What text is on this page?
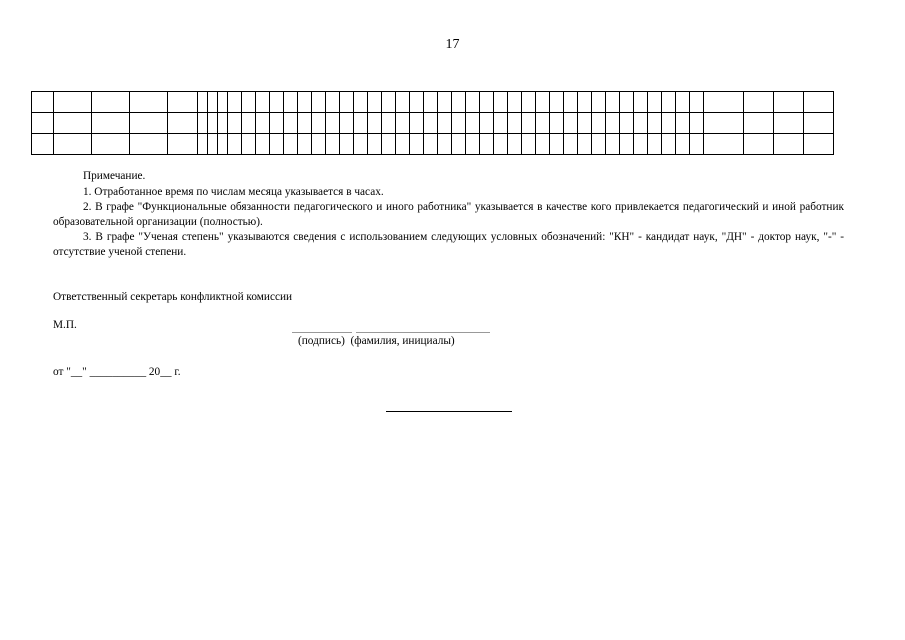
17

Примечание.

1. Отработанное время по числам месяца указывается в часах.

2. В графе "Функциональные обязанности педагогического и иного работника" указывается в качестве кого привлекается педагогический и иной работник образовательной организации (полностью).

3. В графе "Ученая степень" указываются сведения с использованием следующих условных обозначений: "КН" - кандидат наук, "ДН" - доктор наук, "-" - отсутствие ученой степени.

Ответственный секретарь конфликтной комиссии
М.П.
(подпись)  (фамилия, инициалы)
от "__" __________ 20__ г.
